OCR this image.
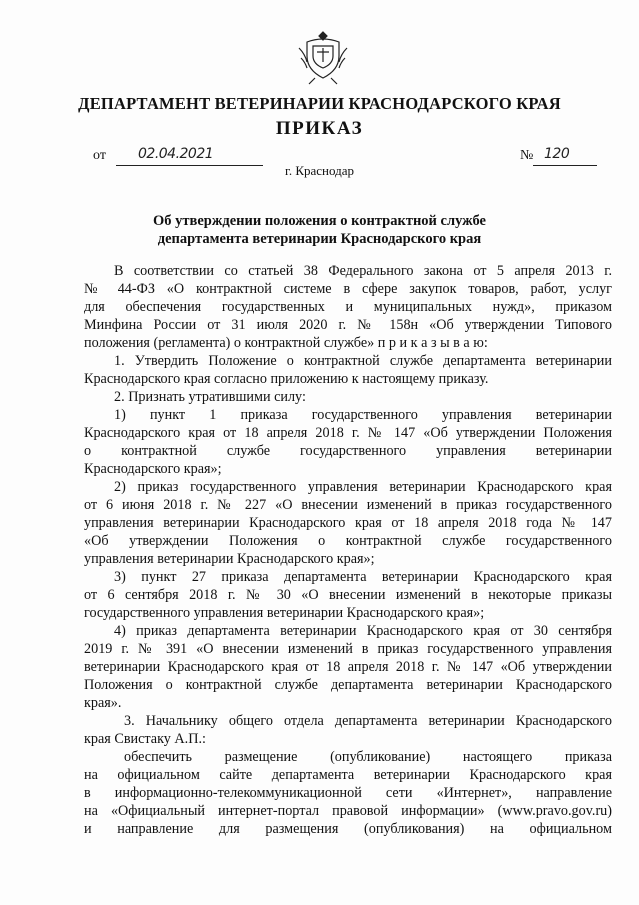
ДЕПАРТАМЕНТ ВЕТЕРИНАРИИ КРАСНОДАРСКОГО КРАЯ
ПРИКАЗ
от 02.04.2021
г. Краснодар
№ 120
Об утверждении положения о контрактной службе
департамента ветеринарии Краснодарского края
В соответствии со статьей 38 Федерального закона от 5 апреля 2013 г.
№ 44-ФЗ «О контрактной системе в сфере закупок товаров, работ, услуг
для обеспечения государственных и муниципальных нужд», приказом
Минфина России от 31 июля 2020 г. № 158н «Об утверждении Типового
положения (регламента) о контрактной службе» п р и к а з ы в а ю:
1. Утвердить Положение о контрактной службе департамента ветеринарии
Краснодарского края согласно приложению к настоящему приказу.
2. Признать утратившими силу:
1) пункт 1 приказа государственного управления ветеринарии
Краснодарского края от 18 апреля 2018 г. № 147 «Об утверждении Положения
о контрактной службе государственного управления ветеринарии
Краснодарского края»;
2) приказ государственного управления ветеринарии Краснодарского края
от 6 июня 2018 г. № 227 «О внесении изменений в приказ государственного
управления ветеринарии Краснодарского края от 18 апреля 2018 года № 147
«Об утверждении Положения о контрактной службе государственного
управления ветеринарии Краснодарского края»;
3) пункт 27 приказа департамента ветеринарии Краснодарского края
от 6 сентября 2018 г. № 30 «О внесении изменений в некоторые приказы
государственного управления ветеринарии Краснодарского края»;
4) приказ департамента ветеринарии Краснодарского края от 30 сентября
2019 г. № 391 «О внесении изменений в приказ государственного управления
ветеринарии Краснодарского края от 18 апреля 2018 г. № 147 «Об утверждении
Положения о контрактной службе департамента ветеринарии Краснодарского
края».
3. Начальнику общего отдела департамента ветеринарии Краснодарского
края Свистаку А.П.:
обеспечить размещение (опубликование) настоящего приказа
на официальном сайте департамента ветеринарии Краснодарского края
в информационно-телекоммуникационной сети «Интернет», направление
на «Официальный интернет-портал правовой информации» (www.pravo.gov.ru)
и направление для размещения (опубликования) на официальном
